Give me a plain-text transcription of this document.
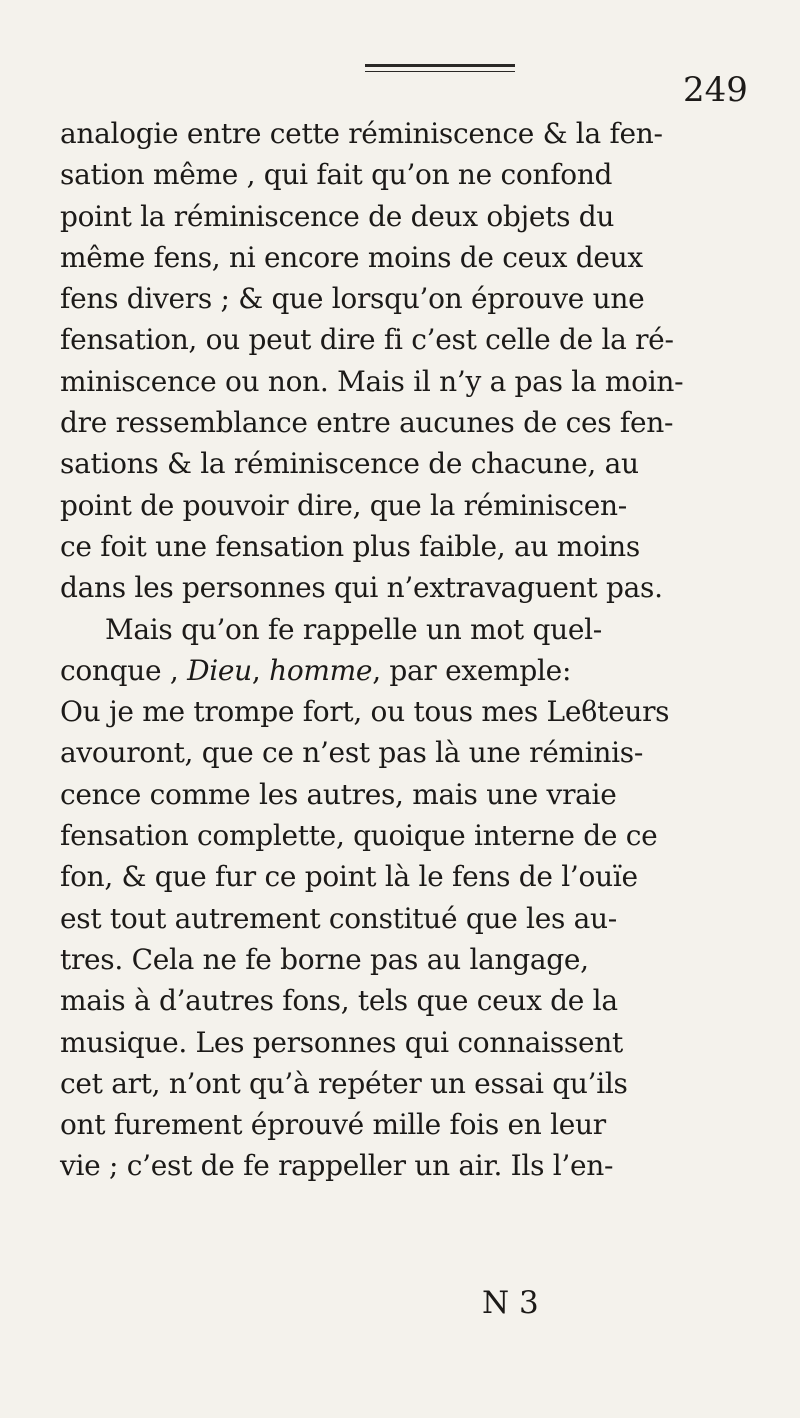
249
analogie entre cette réminiscence & la fen-
sation même , qui fait qu’on ne confond
point la réminiscence de deux objets du
même fens, ni encore moins de ceux deux
fens divers ; & que lorsqu’on éprouve une
fensation, ou peut dire fi c’est celle de la ré-
miniscence ou non. Mais il n’y a pas la moin-
dre ressemblance entre aucunes de ces fen-
sations & la réminiscence de chacune, au
point de pouvoir dire, que la réminiscen-
ce foit une fensation plus faible, au moins
dans les personnes qui n’extravaguent pas.
Mais qu’on fe rappelle un mot quel-
conque , Dieu, homme, par exemple:
Ou je me trompe fort, ou tous mes Leϐteurs
avouront, que ce n’est pas là une réminis-
cence comme les autres, mais une vraie
fensation complette, quoique interne de ce
fon, & que fur ce point là le fens de l’ouïe
est tout autrement constitué que les au-
tres. Cela ne fe borne pas au langage,
mais à d’autres fons, tels que ceux de la
musique. Les personnes qui connaissent
cet art, n’ont qu’à repéter un essai qu’ils
ont furement éprouvé mille fois en leur
vie ; c’est de fe rappeller un air. Ils l’en-
N 3
